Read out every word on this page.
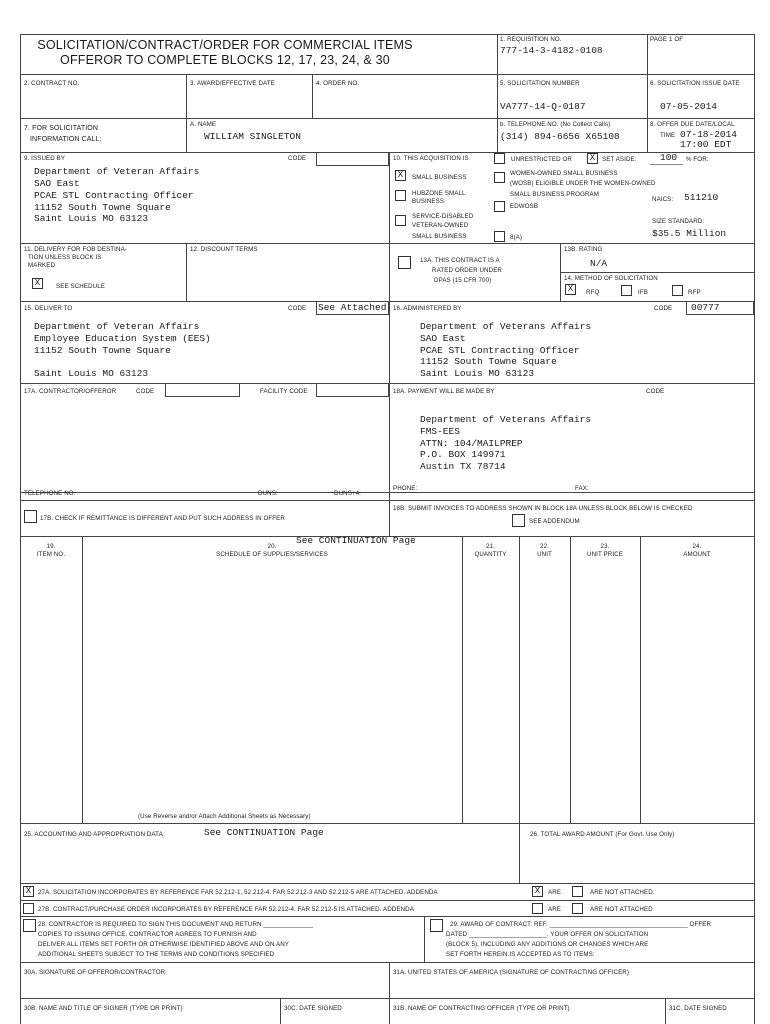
SOLICITATION/CONTRACT/ORDER FOR COMMERCIAL ITEMS
OFFEROR TO COMPLETE BLOCKS 12, 17, 23, 24, & 30
1. REQUISITION NO.
777-14-3-4182-0108
PAGE 1 OF
2. CONTRACT NO.	3. AWARD/EFFECTIVE DATE	4. ORDER NO.	5. SOLICITATION NUMBER
VA777-14-Q-0187
6. SOLICITATION ISSUE DATE
07-05-2014
7. FOR SOLICITATION
INFORMATION CALL:
A. NAME
WILLIAM SINGLETON
b. TELEPHONE NO. (No Collect Calls)
(314) 894-6656 X65108
8. OFFER DUE DATE/LOCAL
TIME 07-18-2014
17:00 EDT
9. ISSUED BY	CODE
Department of Veteran Affairs
SAO East
PCAE STL Contracting Officer
11152 South Towne Square
Saint Louis MO 63123
10. THIS ACQUISITION IS	UNRESTRICTED OR	X	SET ASIDE: 100 % FOR:
X	SMALL BUSINESS
HUBZONE SMALL
BUSINESS
SERVICE-DISABLED
VETERAN-OWNED
SMALL BUSINESS
WOMEN-OWNED SMALL BUSINESS
(WOSB) ELIGIBLE UNDER THE WOMEN-OWNED
SMALL BUSINESS PROGRAM
EDWOSB
8(A)
NAICS: 511210
SIZE STANDARD:
$35.5 Million
11. DELIVERY FOR FOB DESTINA-
TION UNLESS BLOCK IS
MARKED
X	SEE SCHEDULE
12. DISCOUNT TERMS
13A. THIS CONTRACT IS A
RATED ORDER UNDER
DPAS (15 CFR 700)
13B. RATING
N/A
14. METHOD OF SOLICITATION
X	RFQ	IFB	RFP
15. DELIVER TO	CODE See Attached
Department of Veteran Affairs
Employee Education System (EES)
11152 South Towne Square
Saint Louis MO 63123
16. ADMINISTERED BY	CODE 00777
Department of Veterans Affairs
SAO East
PCAE STL Contracting Officer
11152 South Towne Square
Saint Louis MO 63123
17A. CONTRACTOR/OFFEROR	CODE	FACILITY CODE
TELEPHONE NO.	DUNS:	DUNS+4:
17B. CHECK IF REMITTANCE IS DIFFERENT AND PUT SUCH ADDRESS IN OFFER
18A. PAYMENT WILL BE MADE BY	CODE
Department of Veterans Affairs
FMS-EES
ATTN: 104/MAILPREP
P.O. BOX 149971
Austin TX 78714
PHONE:	FAX:
18B. SUBMIT INVOICES TO ADDRESS SHOWN IN BLOCK 18A UNLESS BLOCK BELOW IS CHECKED
SEE ADDENDUM
19.
ITEM NO.
20.
SCHEDULE OF SUPPLIES/SERVICES
See CONTINUATION Page
21.
QUANTITY
22.
UNIT
23.
UNIT PRICE
24.
AMOUNT
(Use Reverse and/or Attach Additional Sheets as Necessary)
25. ACCOUNTING AND APPROPRIATION DATA	See CONTINUATION Page	26. TOTAL AWARD AMOUNT (For Govt. Use Only)
X	27A. SOLICITATION INCORPORATES BY REFERENCE FAR 52.212-1, 52.212-4. FAR 52.212-3 AND 52.212-5 ARE ATTACHED. ADDENDA	X	ARE	ARE NOT ATTACHED.
27B. CONTRACT/PURCHASE ORDER INCORPORATES BY REFERENCE FAR 52.212-4. FAR 52.212-5 IS ATTACHED. ADDENDA	ARE	ARE NOT ATTACHED
28. CONTRACTOR IS REQUIRED TO SIGN THIS DOCUMENT AND RETURN ______________
COPIES TO ISSUING OFFICE. CONTRACTOR AGREES TO FURNISH AND
DELIVER ALL ITEMS SET FORTH OR OTHERWISE IDENTIFIED ABOVE AND ON ANY
ADDITIONAL SHEETS SUBJECT TO THE TERMS AND CONDITIONS SPECIFIED
29. AWARD OF CONTRACT: REF. _______________________________________ OFFER
DATED ______________________. YOUR OFFER ON SOLICITATION
(BLOCK 5), INCLUDING ANY ADDITIONS OR CHANGES WHICH ARE
SET FORTH HEREIN IS ACCEPTED AS TO ITEMS:
30A. SIGNATURE OF OFFEROR/CONTRACTOR	31A. UNITED STATES OF AMERICA (SIGNATURE OF CONTRACTING OFFICER)
30B. NAME AND TITLE OF SIGNER (TYPE OR PRINT)	30C. DATE SIGNED	31B. NAME OF CONTRACTING OFFICER (TYPE OR PRINT)	31C. DATE SIGNED
